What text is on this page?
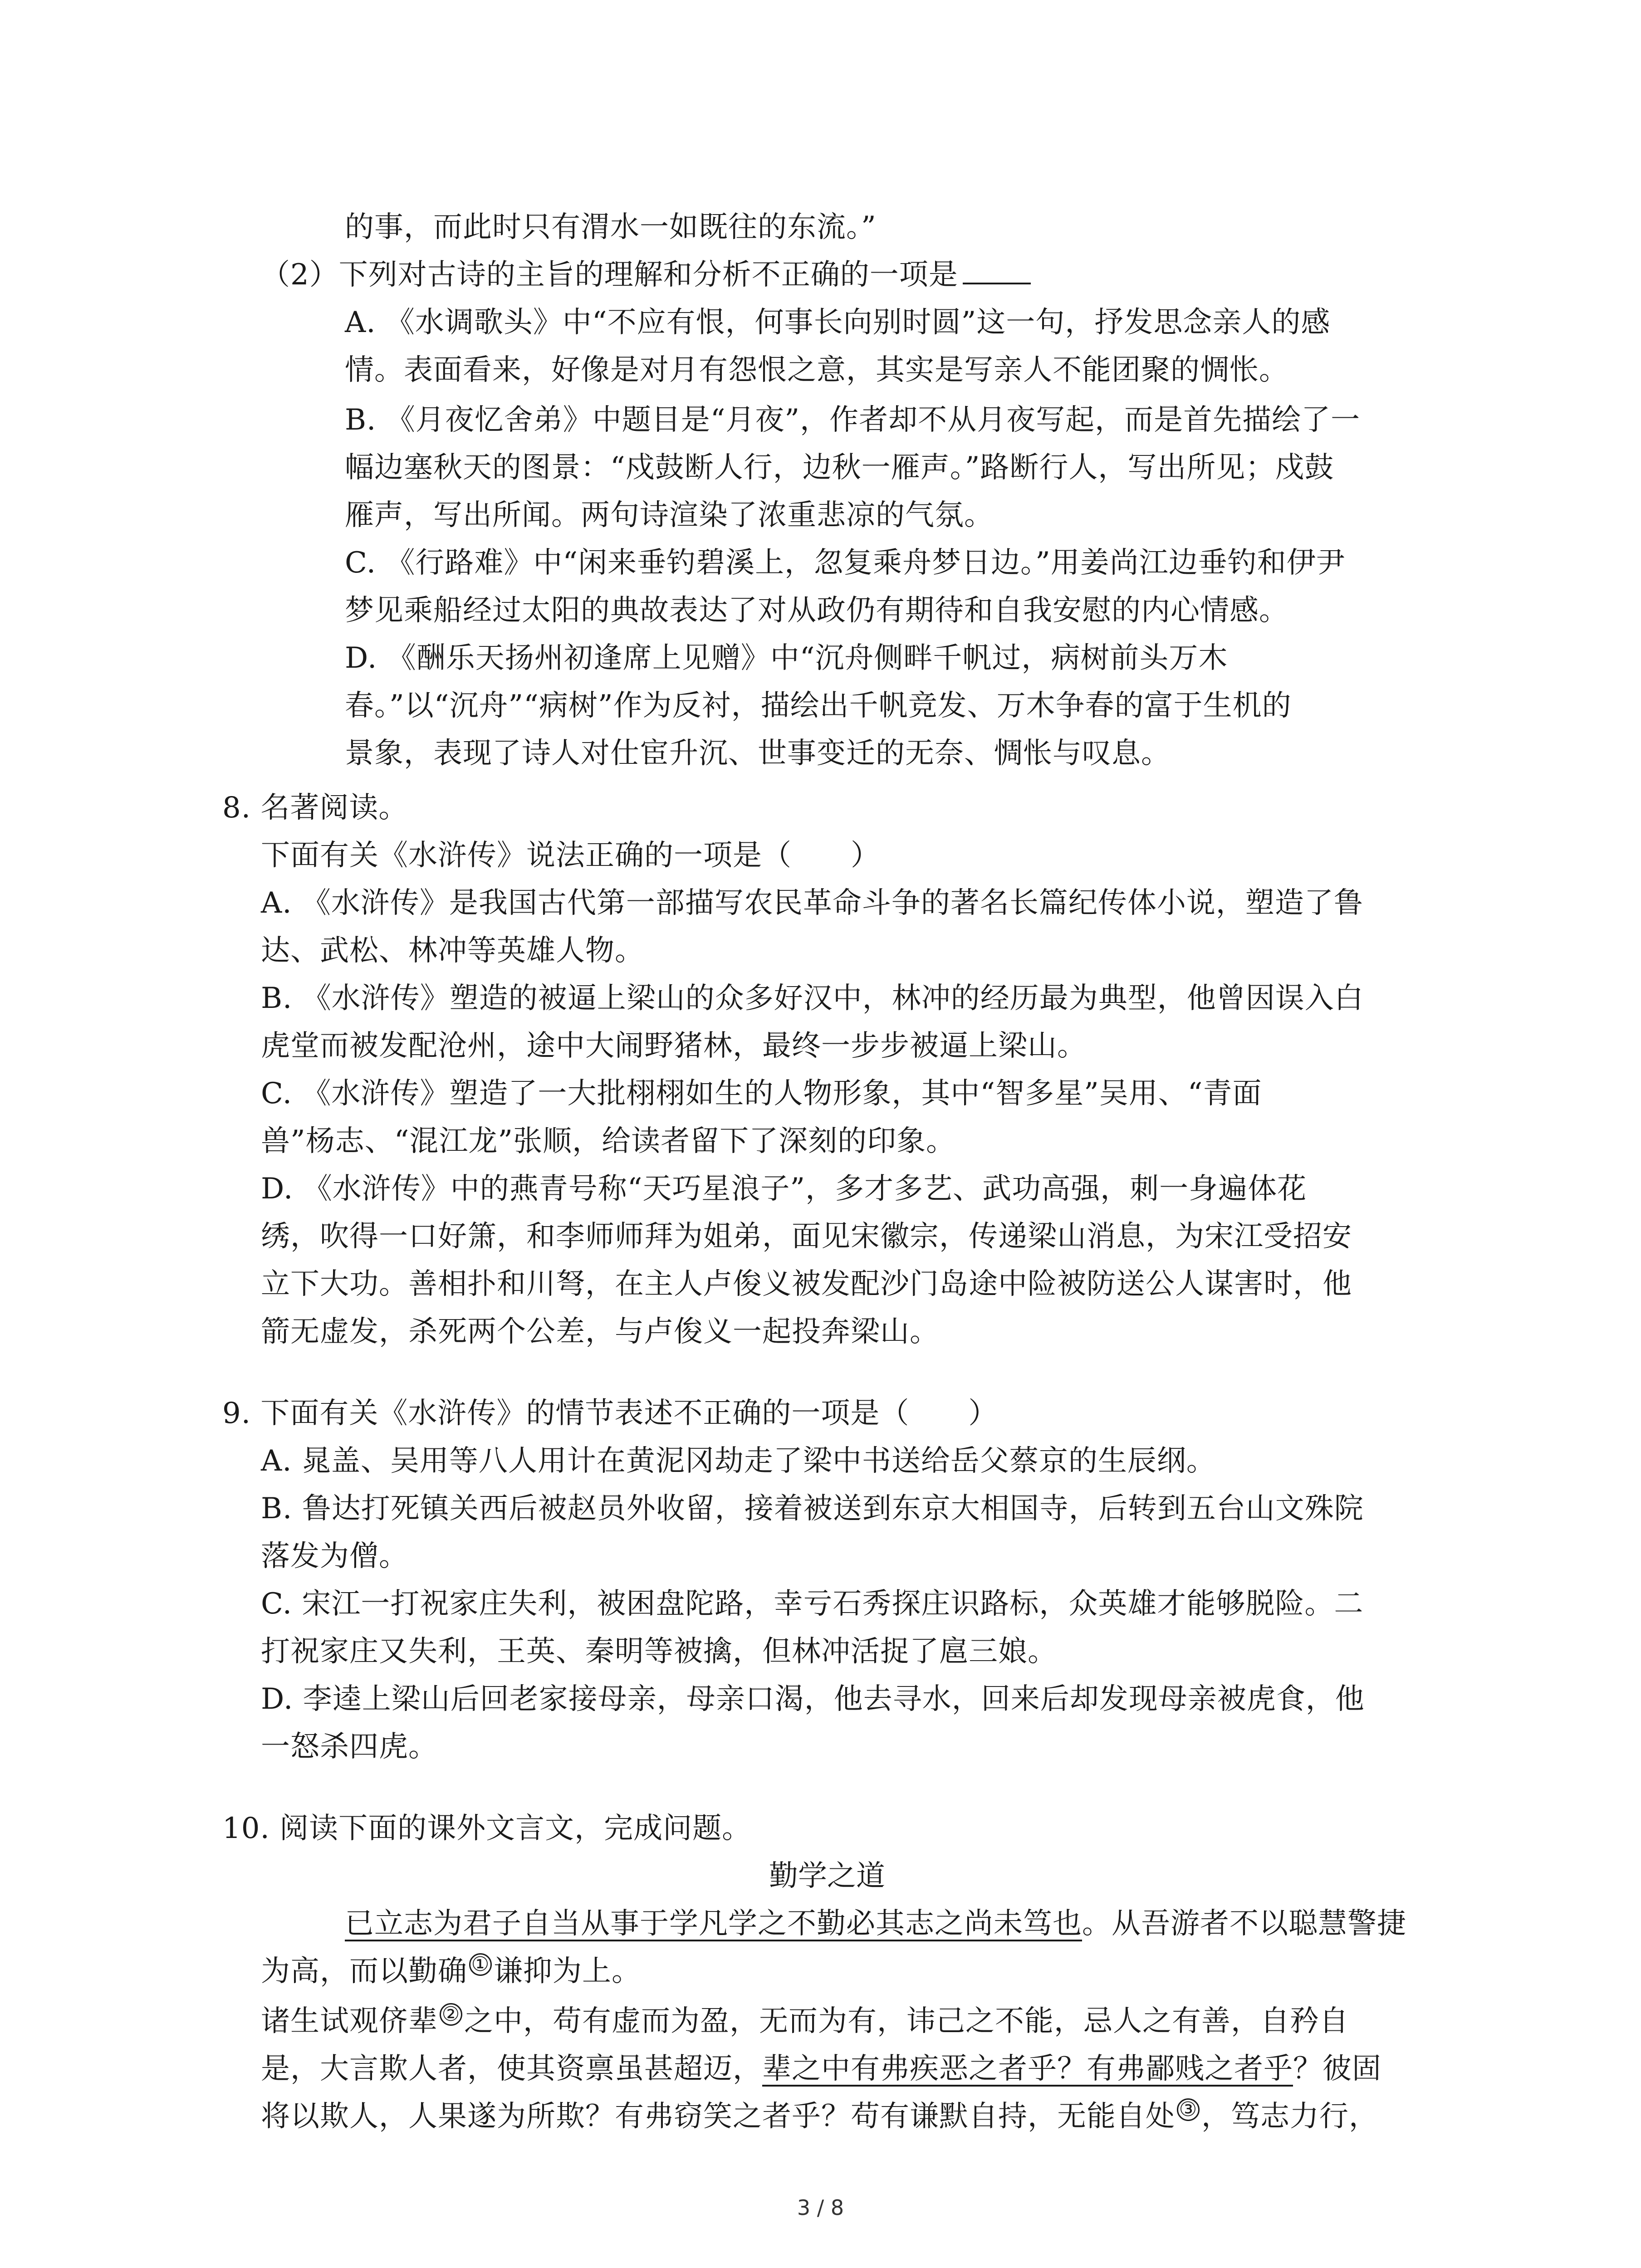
的事，而此时只有渭水一如既往的东流。”
（2）下列对古诗的主旨的理解和分析不正确的一项是
A. 《水调歌头》中“不应有恨，何事长向别时圆”这一句，抒发思念亲人的感
情。表面看来，好像是对月有怨恨之意，其实是写亲人不能团聚的惆怅。
B. 《月夜忆舍弟》中题目是“月夜”，作者却不从月夜写起，而是首先描绘了一
幅边塞秋天的图景：“戍鼓断人行，边秋一雁声。”路断行人，写出所见；戍鼓
雁声，写出所闻。两句诗渲染了浓重悲凉的气氛。
C. 《行路难》中“闲来垂钓碧溪上，忽复乘舟梦日边。”用姜尚江边垂钓和伊尹
梦见乘船经过太阳的典故表达了对从政仍有期待和自我安慰的内心情感。
D. 《酬乐天扬州初逢席上见赠》中“沉舟侧畔千帆过，病树前头万木
春。”以“沉舟”“病树”作为反衬，描绘出千帆竞发、万木争春的富于生机的
景象，表现了诗人对仕宦升沉、世事变迁的无奈、惆怅与叹息。
8. 名著阅读。
下面有关《水浒传》说法正确的一项是（　　）
A. 《水浒传》是我国古代第一部描写农民革命斗争的著名长篇纪传体小说，塑造了鲁
达、武松、林冲等英雄人物。
B. 《水浒传》塑造的被逼上梁山的众多好汉中，林冲的经历最为典型，他曾因误入白
虎堂而被发配沧州，途中大闹野猪林，最终一步步被逼上梁山。
C. 《水浒传》塑造了一大批栩栩如生的人物形象，其中“智多星”吴用、“青面
兽”杨志、“混江龙”张顺，给读者留下了深刻的印象。
D. 《水浒传》中的燕青号称“天巧星浪子”，多才多艺、武功高强，刺一身遍体花
绣，吹得一口好箫，和李师师拜为姐弟，面见宋徽宗，传递梁山消息，为宋江受招安
立下大功。善相扑和川弩，在主人卢俊义被发配沙门岛途中险被防送公人谋害时，他
箭无虚发，杀死两个公差，与卢俊义一起投奔梁山。
9. 下面有关《水浒传》的情节表述不正确的一项是（　　）
A. 晁盖、吴用等八人用计在黄泥冈劫走了梁中书送给岳父蔡京的生辰纲。
B. 鲁达打死镇关西后被赵员外收留，接着被送到东京大相国寺，后转到五台山文殊院
落发为僧。
C. 宋江一打祝家庄失利，被困盘陀路，幸亏石秀探庄识路标，众英雄才能够脱险。二
打祝家庄又失利，王英、秦明等被擒，但林冲活捉了扈三娘。
D. 李逵上梁山后回老家接母亲，母亲口渴，他去寻水，回来后却发现母亲被虎食，他
一怒杀四虎。
10. 阅读下面的课外文言文，完成问题。
勤学之道
已立志为君子自当从事于学凡学之不勤必其志之尚未笃也。从吾游者不以聪慧警捷
为高，而以勤确 ① 谦抑为上。
诸生试观侪辈 ② 之中，苟有虚而为盈，无而为有，讳己之不能，忌人之有善，自矜自
是，大言欺人者，使其资禀虽甚超迈，辈之中有弗疾恶之者乎？有弗鄙贱之者乎？彼固
将以欺人，人果遂为所欺？有弗窃笑之者乎？苟有谦默自持，无能自处 ③ ，笃志力行，
3 / 8
